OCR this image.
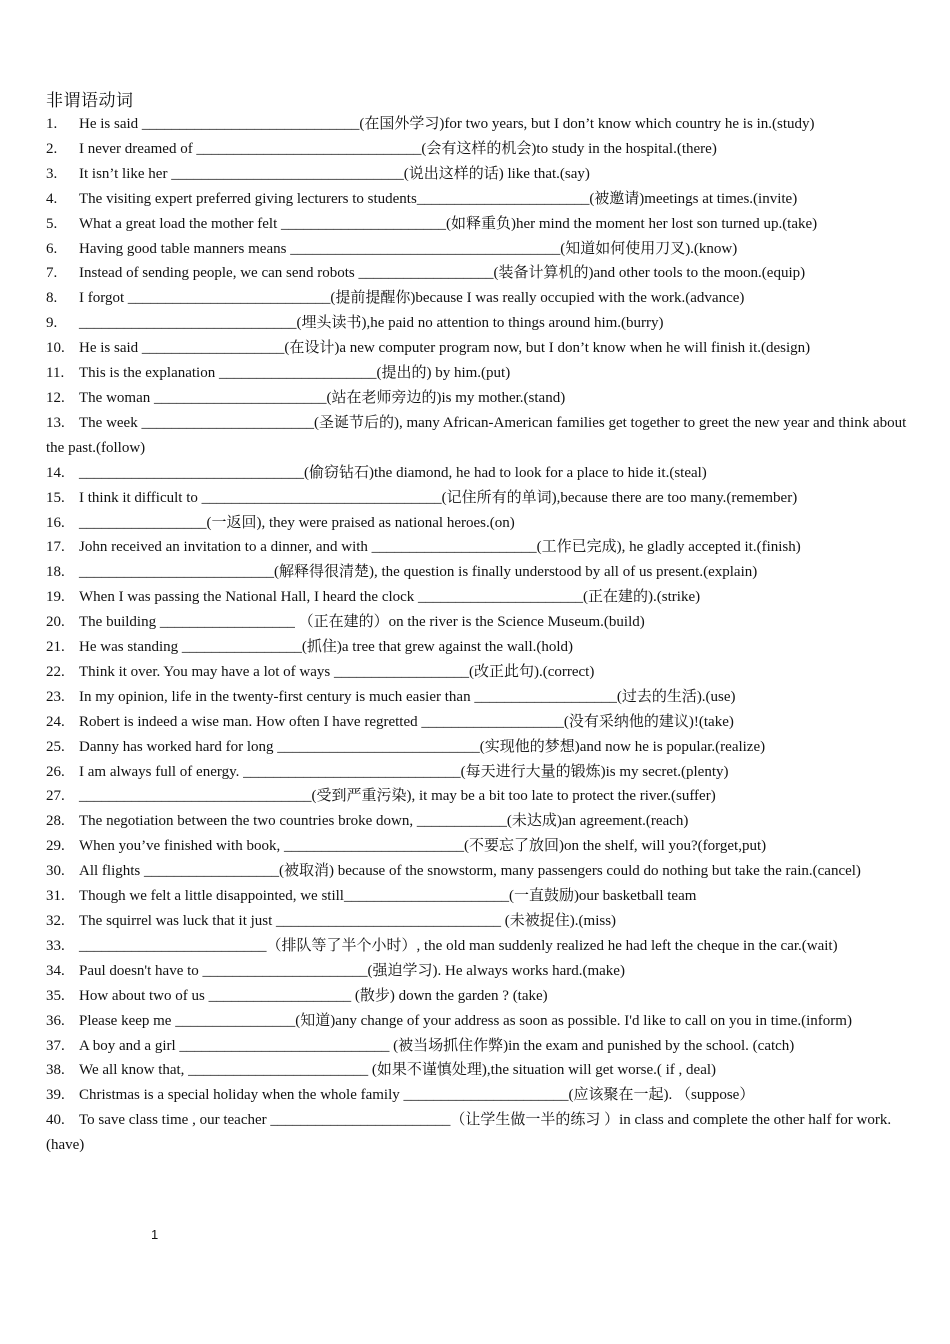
非谓语动词
1. He is said _____________________________(在国外学习)for two years, but I don’t know which country he is in.(study)
2. I never dreamed of ______________________________(会有这样的机会)to study in the hospital.(there)
3. It isn’t like her _______________________________(说出这样的话) like that.(say)
4. The visiting expert preferred giving lecturers to students_______________________(被邀请)meetings at times.(invite)
5. What a great load the mother felt ______________________(如释重负)her mind the moment her lost son turned up.(take)
6. Having good table manners means ____________________________________(知道如何使用刀叉).(know)
7. Instead of sending people, we can send robots __________________(装备计算机的)and other tools to the moon.(equip)
8. I forgot ___________________________(提前提醒你)because I was really occupied with the work.(advance)
9. _____________________________(埋头读书),he paid no attention to things around him.(burry)
10. He is said ___________________(在设计)a new computer program now, but I don’t know when he will finish it.(design)
11. This is the explanation _____________________(提出的) by him.(put)
12. The woman _______________________(站在老师旁边的)is my mother.(stand)
13. The week _______________________(圣诞节后的), many African-American families get together to greet the new year and think about the past.(follow)
14. ______________________________(偷窃钻石)the diamond, he had to look for a place to hide it.(steal)
15. I think it difficult to ________________________________(记住所有的单词),because there are too many.(remember)
16. _________________(一返回), they were praised as national heroes.(on)
17. John received an invitation to a dinner, and with ______________________(工作已完成), he gladly accepted it.(finish)
18. __________________________(解释得很清楚), the question is finally understood by all of us present.(explain)
19. When I was passing the National Hall, I heard the clock ______________________(正在建的).(strike)
20. The building __________________ （正在建的）on the river is the Science Museum.(build)
21. He was standing ________________(抓住)a tree that grew against the wall.(hold)
22. Think it over. You may have a lot of ways __________________(改正此句).(correct)
23. In my opinion, life in the twenty-first century is much easier than ___________________(过去的生活).(use)
24. Robert is indeed a wise man. How often I have regretted ___________________(没有采纳他的建议)!(take)
25. Danny has worked hard for long ___________________________(实现他的梦想)and now he is popular.(realize)
26. I am always full of energy. _____________________________(每天进行大量的锻炼)is my secret.(plenty)
27. _______________________________(受到严重污染), it may be a bit too late to protect the river.(suffer)
28. The negotiation between the two countries broke down, ____________(未达成)an agreement.(reach)
29. When you’ve finished with book, ________________________(不要忘了放回)on the shelf, will you?(forget,put)
30. All flights __________________(被取消) because of the snowstorm, many passengers could do nothing but take the rain.(cancel)
31. Though we felt a little disappointed, we still______________________(一直鼓励)our basketball team
32. The squirrel was luck that it just ______________________________ (未被捉住).(miss)
33. _________________________（排队等了半个小时）, the old man suddenly realized he had left the cheque in the car.(wait)
34. Paul doesn't have to ______________________(强迫学习). He always works hard.(make)
35. How about two of us ___________________ (散步) down the garden ? (take)
36. Please keep me ________________(知道)any change of your address as soon as possible. I'd like to call on you in time.(inform)
37. A boy and a girl ____________________________ (被当场抓住作弊)in the exam and punished by the school. (catch)
38. We all know that, ________________________ (如果不谨慎处理),the situation will get worse.( if , deal)
39. Christmas is a special holiday when the whole family ______________________(应该聚在一起). （suppose）
40. To save class time , our teacher ________________________（让学生做一半的练习 ）in class and complete the other half for work.(have)
1
